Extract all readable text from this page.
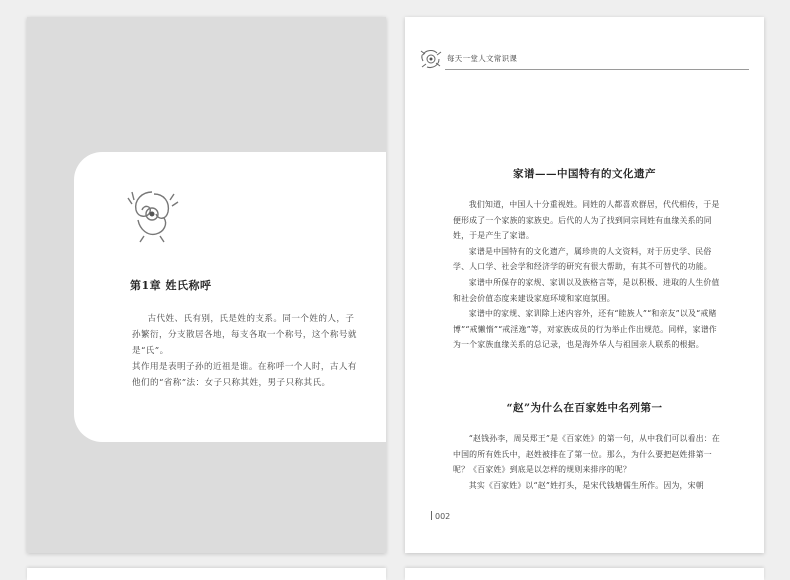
第1章 姓氏称呼

古代姓、氏有别，氏是姓的支系。同一个姓的人，子孙繁衍，分支散居各地，每支各取一个称号，这个称号就是“氏”。

其作用是表明子孙的近祖是谁。在称呼一个人时，古人有他们的“省称”法：女子只称其姓，男子只称其氏。

每天一堂人文常识课
家谱——中国特有的文化遗产

我们知道，中国人十分重视姓。同姓的人都喜欢群居，代代相传，于是便形成了一个家族的家族史。后代的人为了找到同宗同姓有血缘关系的同姓，于是产生了家谱。

家谱是中国特有的文化遗产，属珍贵的人文资料，对于历史学、民俗学、人口学、社会学和经济学的研究有很大帮助，有其不可替代的功能。

家谱中所保存的家规、家训以及族格言等，是以积极、进取的人生价值和社会价值态度来建设家庭环境和家庭氛围。

家谱中的家规、家训除上述内容外，还有“睦族人”“和亲友”以及“戒赌博”“戒懒惰”“戒淫逸”等，对家族成员的行为举止作出规范。同样，家谱作为一个家族血缘关系的总记录，也是海外华人与祖国亲人联系的根据。

“赵”为什么在百家姓中名列第一

“赵钱孙李，周吴郑王”是《百家姓》的第一句，从中我们可以看出：在中国的所有姓氏中，赵姓被排在了第一位。那么，为什么要把赵姓排第一呢？《百家姓》到底是以怎样的规则来排序的呢？

其实《百家姓》以“赵”姓打头，是宋代钱塘儒生所作。因为，宋朝

002
